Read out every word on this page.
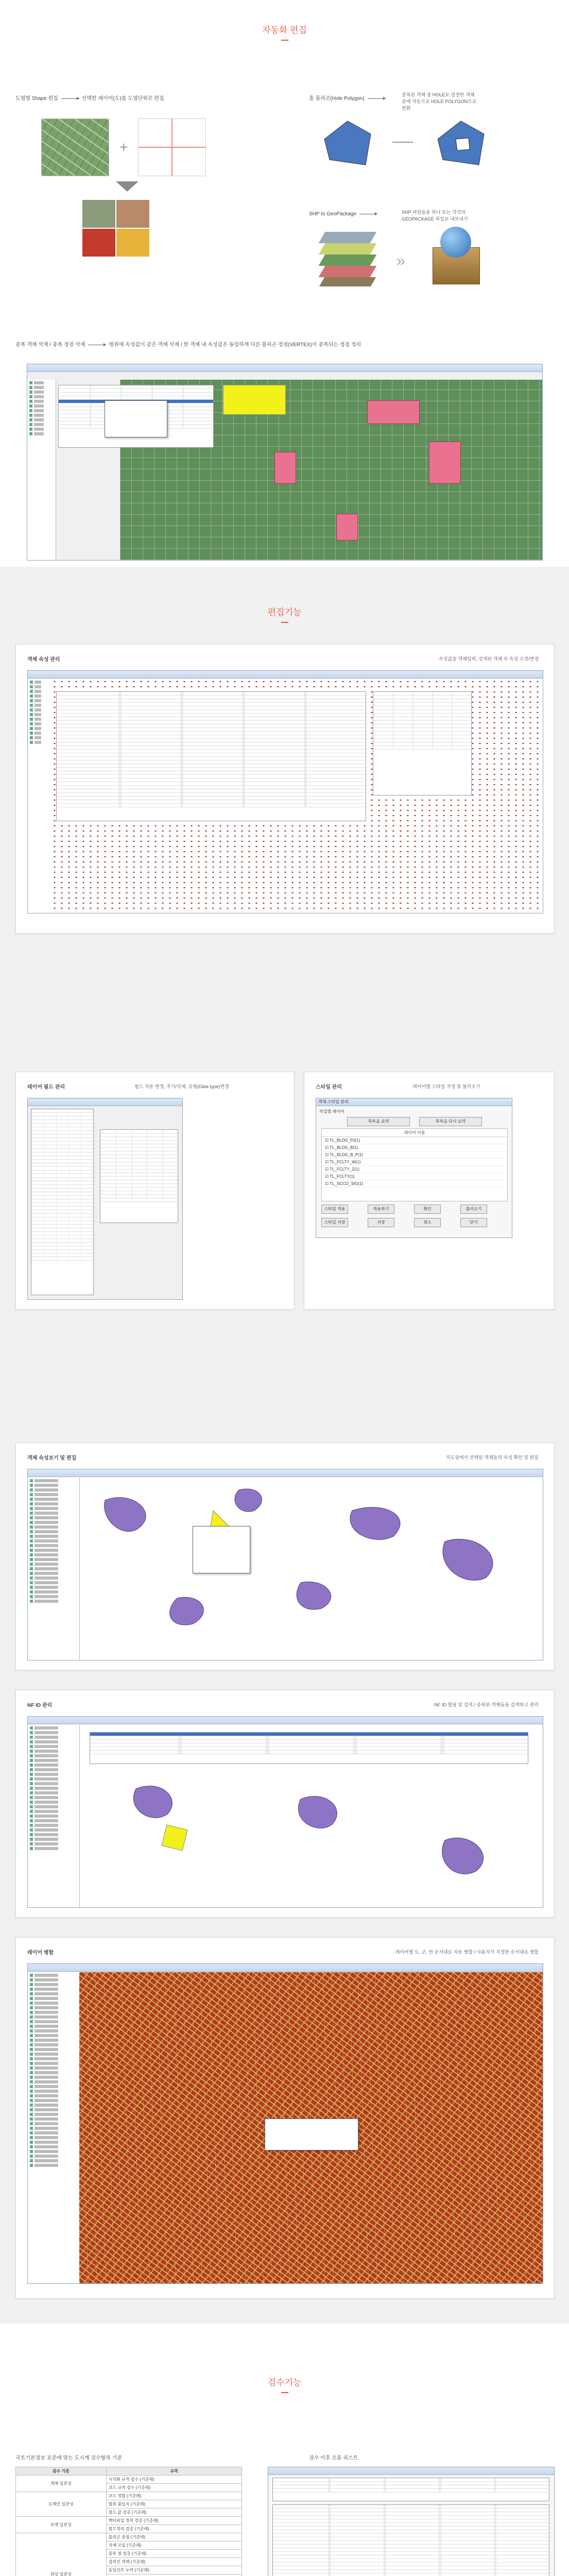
자동화 편집
도엽별 Shape 편집	선택한 레이어(도)를 도엽단위로 편집
+
홀 폴리곤(Hole Polygon)
중복된 객체 중 HOLE로 설정한 객체 중에 자동으로 HOLE POLYGON으로 변환
SHP to GeoPackage	SHP 파일들을 하나 또는 각각의 GEOPACKAGE 파일로 내보내기
»
중복 객체 삭제 / 중복 정점 삭제	범위에 속성값이 같은 객체 삭제 / 한 객체 내 속성값은 동일하게 다른 폴리곤 정점(VERTEX)이 중복되는 정점 정리
편집기능
객체 속성 관리	속성값을 객체입력, 검색된 객체 속 속성 수정/변경
레이어 필드 관리	필드 자동 변경, 추가/삭제, 유형(Data type)변경	스타일 관리	레이어별 스타일 지정 및 불러오기
객체 스타일 관리
작업별 레이어
목록을 요약	목록을 다시 요약
레이어 이름
☑ TL_BLDG_F0(1)
☑ TL_BLDG_B(1)
☑ TL_BLDG_B_P(1)
☑ TL_FCLTY_W(1)
☑ TL_FCLTY_Z(1)
☑ TL_FCLTY(1)
☑ TL_SCCO_SIG(1)
스타일 적용	적용하기	확인	불러오기
스타일 저장	저장	취소	닫기
객체 속성보기 및 편집	지도상에서 선택된 객체들의 속성 확인 및 편집
NF ID 관리	NF ID 할당 및 검색 / 중복된 객체들을 검색하고 관리
레이어 병합	레이어별 도, 군, 면 순서대로 자동 병합 / 사용자가 지정한 순서대로 병합
검수기능
국토기본정보 표준에 맞는 도시계 검수항목 기준
검수 기준	규격
객체 일관성	시각화 규격 검수 (기준레)
	코드 규격 검수 (기준레)
도메인 일관성	코드 정합 (기준레)
	범위 불일치 (기준레)
	필드 값 검증 (기준레)
포맷 일관성	벡터파일 정의 검증 (기준레)
	필드정의 검증 (기준레)
위상 일관성	폴리곤 중첩 (기준레)
	자체 꼬임 (기준레)
	중복 점 검증 (기준레)
	겹쳐진 객체 (기준레)
	동일선로 누락 (기준레)

검수 이후 오류 리스트
